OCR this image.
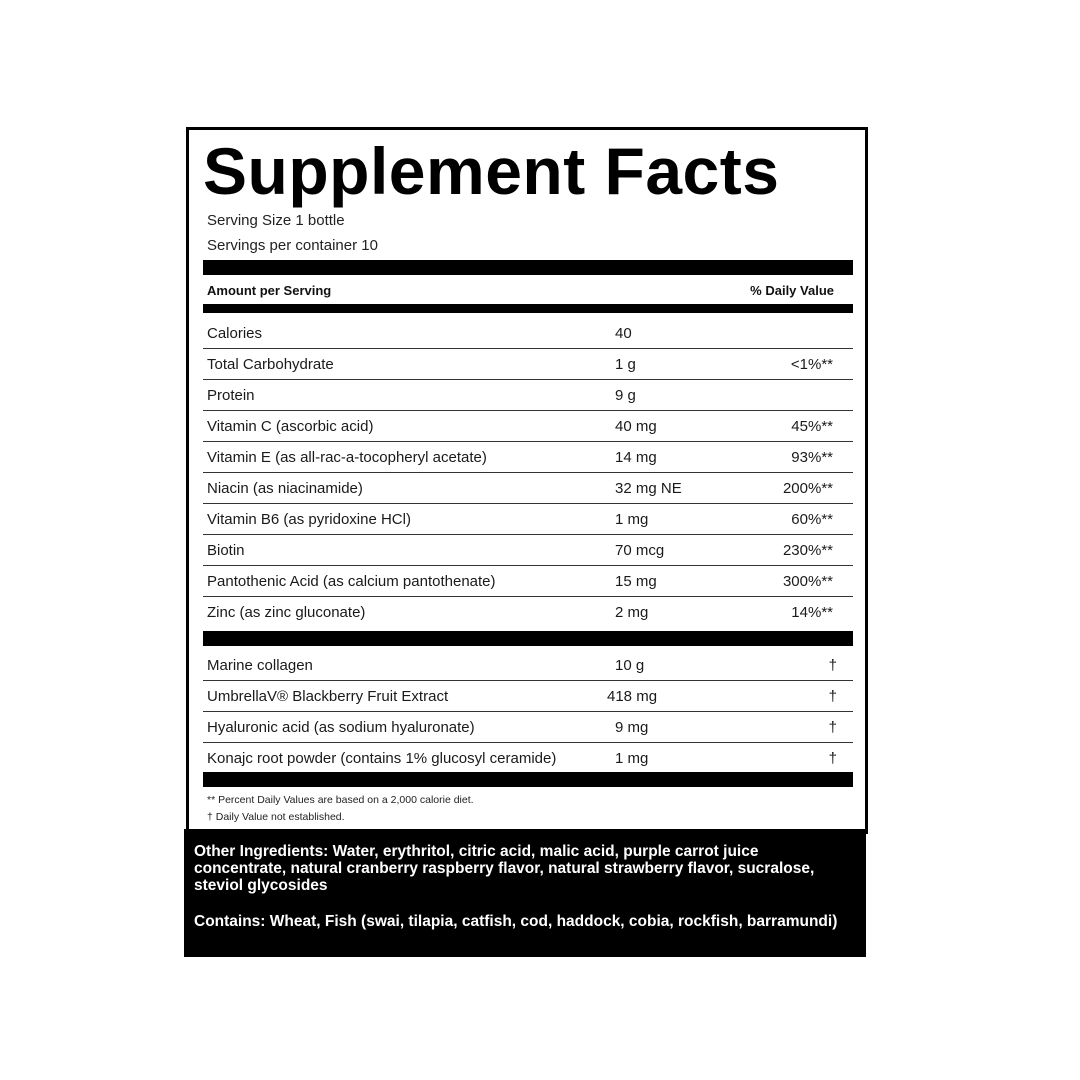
Supplement Facts
Serving Size 1 bottle
Servings per container 10
Amount per Serving	% Daily Value
Calories	40
Total Carbohydrate	1 g	<1%**
Protein	9 g
Vitamin C (ascorbic acid)	40 mg	45%**
Vitamin E (as all-rac-a-tocopheryl acetate)	14 mg	93%**
Niacin (as niacinamide)	32 mg NE	200%**
Vitamin B6 (as pyridoxine HCl)	1 mg	60%**
Biotin	70 mcg	230%**
Pantothenic Acid (as calcium pantothenate)	15 mg	300%**
Zinc (as zinc gluconate)	2 mg	14%**
Marine collagen	10 g	†
UmbrellaV® Blackberry Fruit Extract	418 mg	†
Hyaluronic acid (as sodium hyaluronate)	9 mg	†
Konajc root powder (contains 1% glucosyl ceramide)	1 mg	†
** Percent Daily Values are based on a 2,000 calorie diet.
† Daily Value not established.

Other Ingredients: Water, erythritol, citric acid, malic acid, purple carrot juice concentrate, natural cranberry raspberry flavor, natural strawberry flavor, sucralose, steviol glycosides

Contains: Wheat, Fish (swai, tilapia, catfish, cod, haddock, cobia, rockfish, barramundi)
